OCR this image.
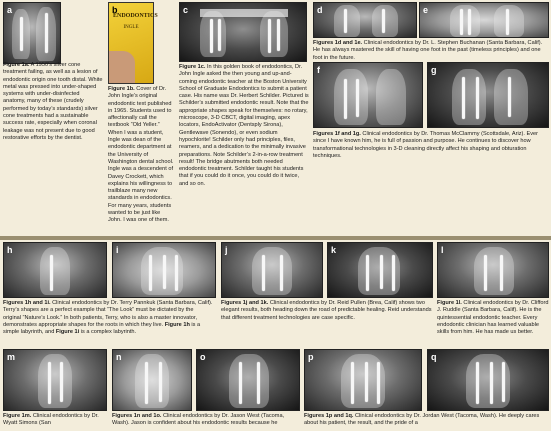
a	b
ENDODONTICS
INGLE
c	d	e
Figure 1a. A 1950’s silver cone treatment failing, as well as a lesion of endodontic origin one tooth distal. White metal was pressed into under-shaped systems with under-disinfected anatomy, many of these (crudely performed by today’s standards) silver cone treatments had a sustainable success rate, especially when coronal leakage was not present due to good restorative efforts by the dentist.
Figure 1b. Cover of Dr. John Ingle’s original endodontic text published in 1965. Students used to affectionally call the textbook “Old Yeller.” When I was a student, Ingle was dean of the endodontic department at the University of Washington dental school. Ingle was a descendent of Davey Crockett, which explains his willingness to trailblaze many new standards in endodontics. For many years, students wanted to be just like John. I was one of them.
Figure 1c. In this golden book of endodontics, Dr. John Ingle asked the then young and up-and-coming endodontic teacher at the Boston University School of Graduate Endodontics to submit a patient case. His name was Dr. Herbert Schilder. Pictured is Schilder’s submitted endodontic result. Note that the appropriate shapes speak for themselves: no rotary, microscope, 3-D CBCT, digital imaging, apex locators, EndoActivator (Dentsply Sirona), Gentlewave (Sonendo), or even sodium hypochlorite! Schilder only had principles, files, reamers, and a dedication to the minimally invasive preparations. Note Schilder’s 2-in-a-row treatment result! The bridge abutments both needed endodontic treatment. Schilder taught his students that if you could do it once, you could do it twice, and so on.
Figures 1d and 1e. Clinical endodontics by Dr. L. Stephen Buchanan (Santa Barbara, Calif). He has always mastered the skill of having one foot in the past (timeless principles) and one foot in the future.
f	g
Figures 1f and 1g. Clinical endodontics by Dr. Thomas McClammy (Scottsdale, Ariz). Ever since I have known him, he is full of passion and purpose. He continues to discover how transformational technologies in 3-D cleaning directly affect his shaping and obturation techniques.
h	i	j	k	l
Figures 1h and 1i. Clinical endodontics by Dr. Terry Pannkuk (Santa Barbara, Calif). Terry’s shapes are a perfect example that “The Look” must be dictated by the original “Nature’s Look.” In both patients, Terry, who is also a master innovator, demonstrates appropriate shapes for the roots in which they live. Figure 1h is a simple labyrinth, and Figure 1i is a complex labyrinth.
Figures 1j and 1k. Clinical endodontics by Dr. Reid Pullen (Brea, Calif) shows two elegant results, both heading down the road of predictable healing. Reid understands that different treatment technologies are case specific.
Figure 1l. Clinical endodontics by Dr. Clifford J. Ruddle (Santa Barbara, Calif). He is the quintessential endodontic teacher. Every endodontic clinician has learned valuable skills from him. He has made us better.
m	n	o	p	q
Figure 1m. Clinical endodontics by Dr. Wyatt Simons (San
Figures 1n and 1o. Clinical endodontics by Dr. Jason West (Tacoma, Wash). Jason is confident about his endodontic results because he
Figures 1p and 1q. Clinical endodontics by Dr. Jordan West (Tacoma, Wash). He deeply cares about his patient, the result, and the pride of a
